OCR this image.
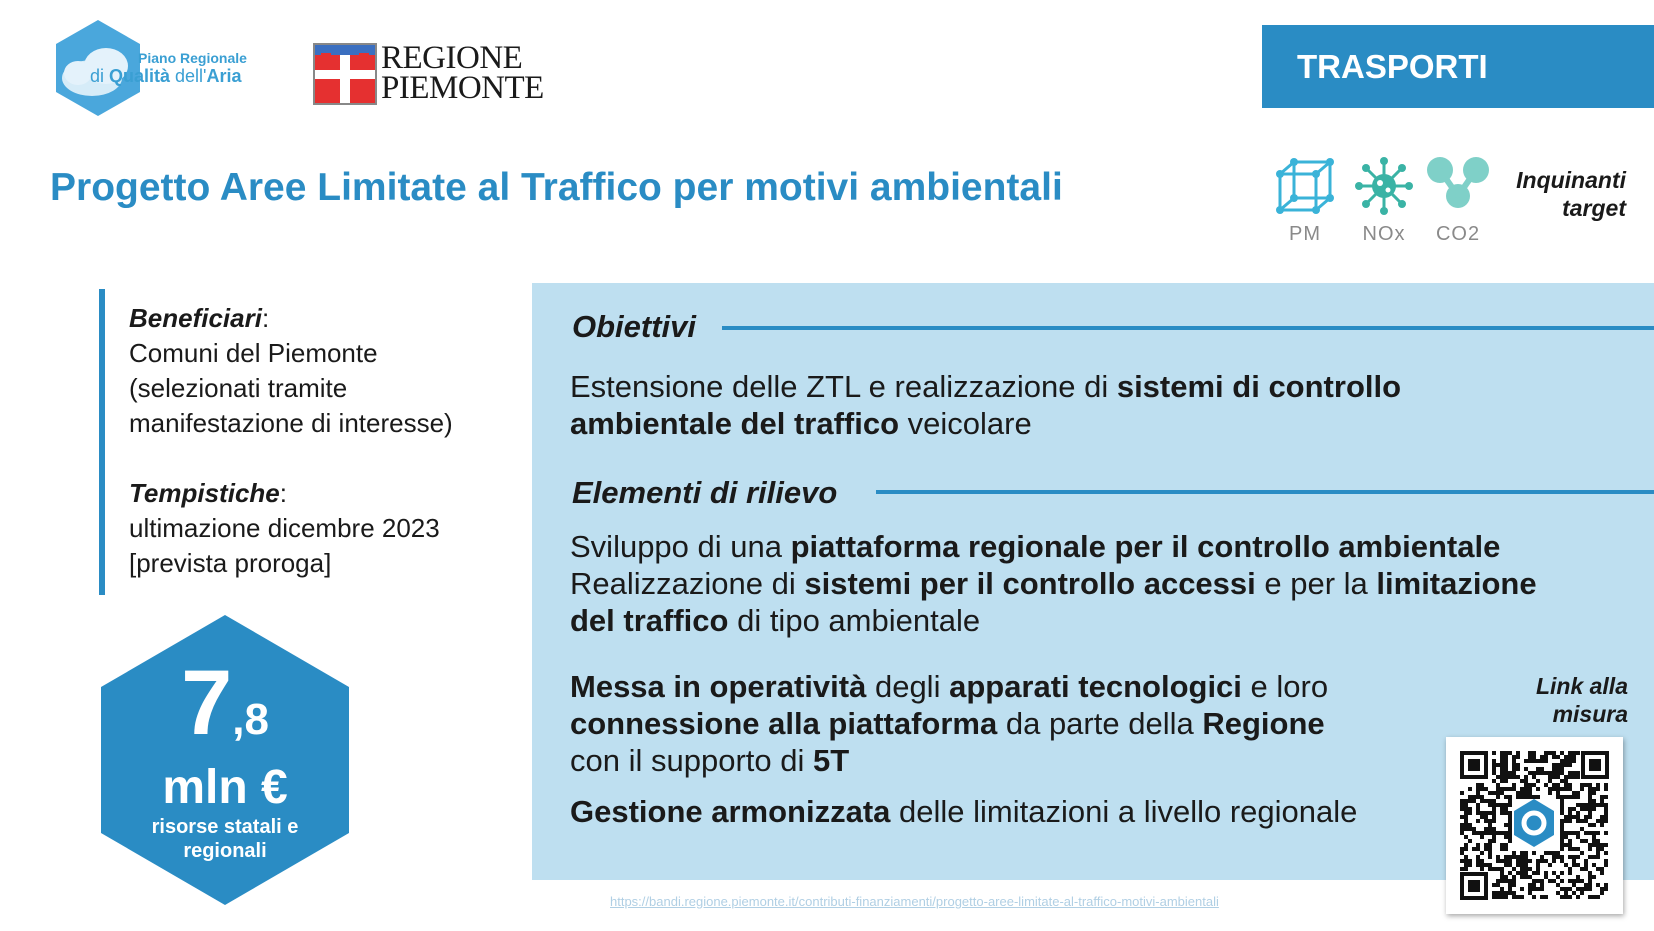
Piano Regionale
di Qualità dell'Aria	REGIONE
PIEMONTE
TRASPORTI
Progetto Aree Limitate al Traffico per motivi ambientali
PM	NOx	CO2
Inquinanti
target
Beneficiari:
Comuni del Piemonte
(selezionati tramite
manifestazione di interesse)
Tempistiche:
ultimazione dicembre 2023
[prevista proroga]
7,8
mln €
risorse statali e
regionali
Obiettivi
Estensione delle ZTL e realizzazione di sistemi di controllo
ambientale del traffico veicolare
Elementi di rilievo
Sviluppo di una piattaforma regionale per il controllo ambientale
Realizzazione di sistemi per il controllo accessi e per la limitazione
del traffico di tipo ambientale
Messa in operatività degli apparati tecnologici e loro
connessione alla piattaforma da parte della Regione
con il supporto di 5T
Gestione armonizzata delle limitazioni a livello regionale
Link alla
misura
https://bandi.regione.piemonte.it/contributi-finanziamenti/progetto-aree-limitate-al-traffico-motivi-ambientali
